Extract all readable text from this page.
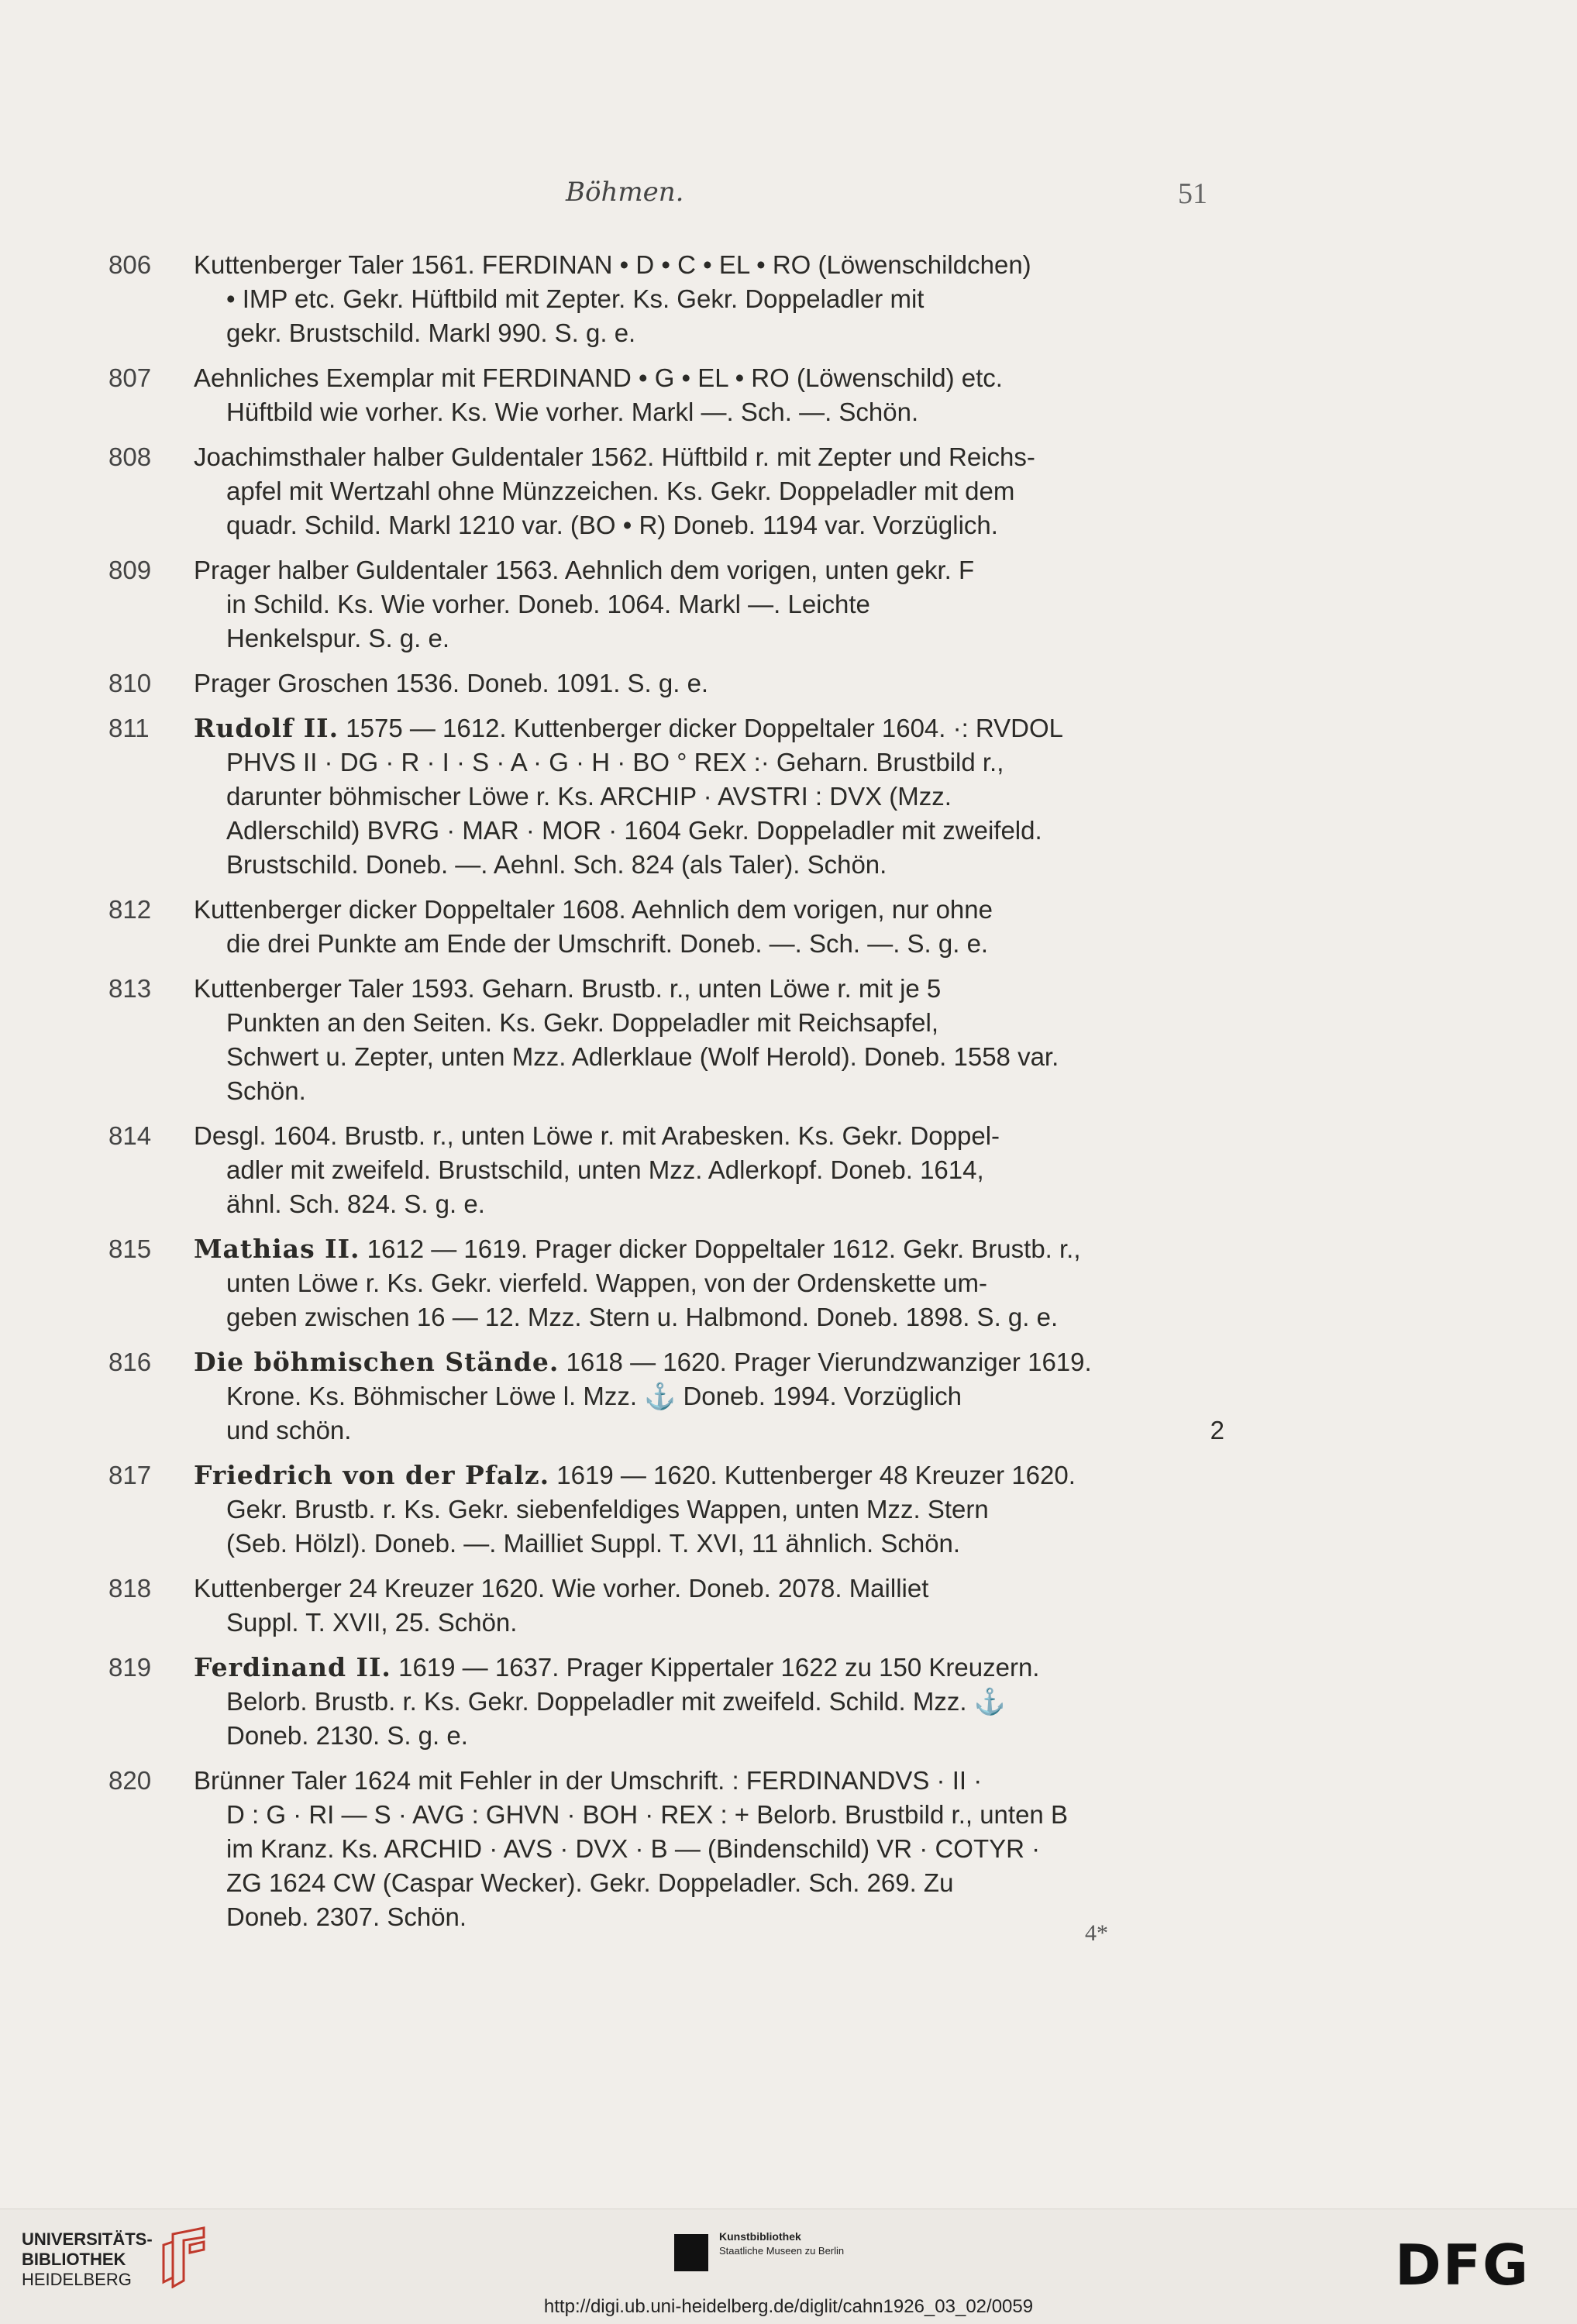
Böhmen.	51
806	Kuttenberger Taler 1561. FERDINAN • D • C • EL • RO (Löwenschildchen)
• IMP etc. Gekr. Hüftbild mit Zepter. Ks. Gekr. Doppeladler mit
gekr. Brustschild. Markl 990. S. g. e.
807	Aehnliches Exemplar mit FERDINAND • G • EL • RO (Löwenschild) etc.
Hüftbild wie vorher. Ks. Wie vorher. Markl —. Sch. —. Schön.
808	Joachimsthaler halber Guldentaler 1562. Hüftbild r. mit Zepter und Reichs-
apfel mit Wertzahl ohne Münzzeichen. Ks. Gekr. Doppeladler mit dem
quadr. Schild. Markl 1210 var. (BO • R) Doneb. 1194 var. Vorzüglich.
809	Prager halber Guldentaler 1563. Aehnlich dem vorigen, unten gekr. F
in Schild. Ks. Wie vorher. Doneb. 1064. Markl —. Leichte
Henkelspur. S. g. e.
810	Prager Groschen 1536. Doneb. 1091. S. g. e.
811	Rudolf II. 1575 — 1612. Kuttenberger dicker Doppeltaler 1604. ·: RVDOL
PHVS II · DG · R · I · S · A · G · H · BO ° REX :· Geharn. Brustbild r.,
darunter böhmischer Löwe r. Ks. ARCHIP · AVSTRI : DVX (Mzz.
Adlerschild) BVRG · MAR · MOR · 1604 Gekr. Doppeladler mit zweifeld.
Brustschild. Doneb. —. Aehnl. Sch. 824 (als Taler). Schön.
812	Kuttenberger dicker Doppeltaler 1608. Aehnlich dem vorigen, nur ohne
die drei Punkte am Ende der Umschrift. Doneb. —. Sch. —. S. g. e.
813	Kuttenberger Taler 1593. Geharn. Brustb. r., unten Löwe r. mit je 5
Punkten an den Seiten. Ks. Gekr. Doppeladler mit Reichsapfel,
Schwert u. Zepter, unten Mzz. Adlerklaue (Wolf Herold). Doneb. 1558 var.
Schön.
814	Desgl. 1604. Brustb. r., unten Löwe r. mit Arabesken. Ks. Gekr. Doppel-
adler mit zweifeld. Brustschild, unten Mzz. Adlerkopf. Doneb. 1614,
ähnl. Sch. 824. S. g. e.
815	Mathias II. 1612 — 1619. Prager dicker Doppeltaler 1612. Gekr. Brustb. r.,
unten Löwe r. Ks. Gekr. vierfeld. Wappen, von der Ordenskette um-
geben zwischen 16 — 12. Mzz. Stern u. Halbmond. Doneb. 1898. S. g. e.
816	Die böhmischen Stände. 1618 — 1620. Prager Vierundzwanziger 1619.
Krone. Ks. Böhmischer Löwe l. Mzz. ⚓ Doneb. 1994. Vorzüglich
und schön.	2
817	Friedrich von der Pfalz. 1619 — 1620. Kuttenberger 48 Kreuzer 1620.
Gekr. Brustb. r. Ks. Gekr. siebenfeldiges Wappen, unten Mzz. Stern
(Seb. Hölzl). Doneb. —. Mailliet Suppl. T. XVI, 11 ähnlich. Schön.
818	Kuttenberger 24 Kreuzer 1620. Wie vorher. Doneb. 2078. Mailliet
Suppl. T. XVII, 25. Schön.
819	Ferdinand II. 1619 — 1637. Prager Kippertaler 1622 zu 150 Kreuzern.
Belorb. Brustb. r. Ks. Gekr. Doppeladler mit zweifeld. Schild. Mzz. ⚓
Doneb. 2130. S. g. e.
820	Brünner Taler 1624 mit Fehler in der Umschrift. : FERDINANDVS · II ·
D : G · RI — S · AVG : GHVN · BOH · REX : + Belorb. Brustbild r., unten B
im Kranz. Ks. ARCHID · AVS · DVX · B — (Bindenschild) VR · COTYR ·
ZG 1624 CW (Caspar Wecker). Gekr. Doppeladler. Sch. 269. Zu
Doneb. 2307. Schön.
4*
UNIVERSITÄTS-
BIBLIOTHEK
HEIDELBERG
Kunstbibliothek
Staatliche Museen zu Berlin	DFG
http://digi.ub.uni-heidelberg.de/diglit/cahn1926_03_02/0059
